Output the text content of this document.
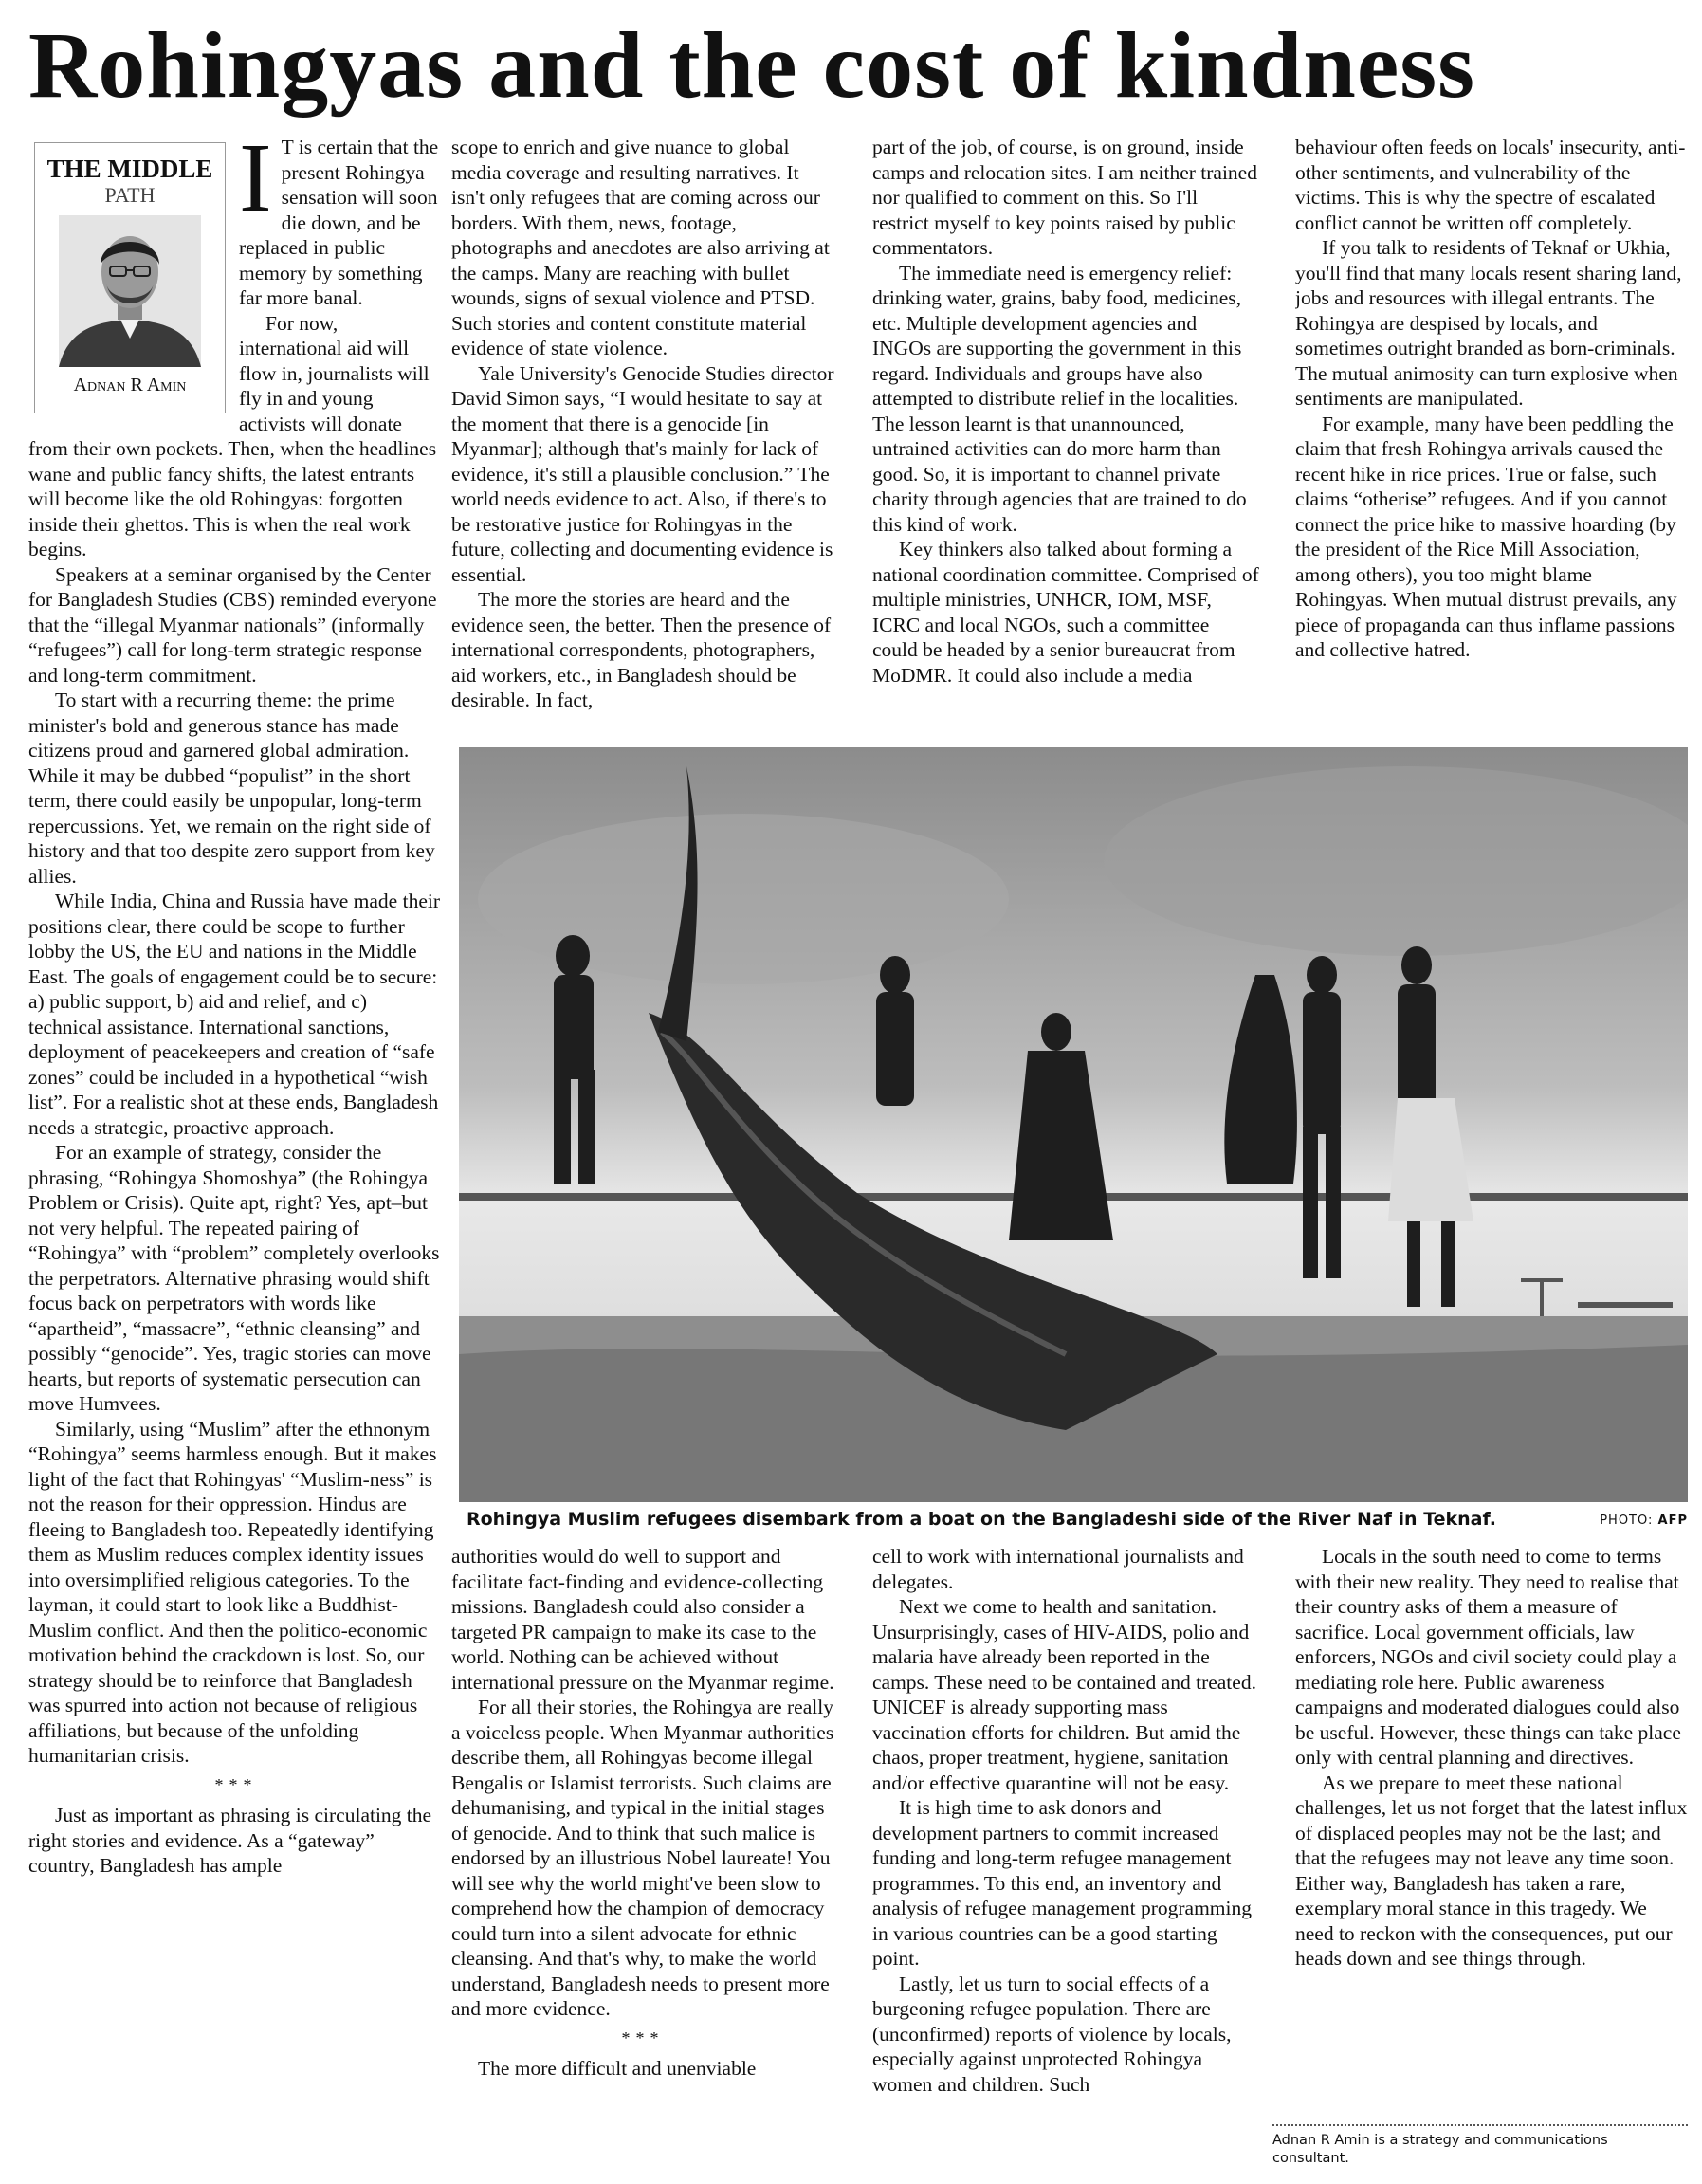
Rohingyas and the cost of kindness
THE MIDDLE
PATH
Adnan R Amin
I T is certain that the present Rohingya sensation will soon die down, and be replaced in public memory by something far more banal.

For now, international aid will flow in, journalists will fly in and young activists will donate from their own pockets. Then, when the headlines wane and public fancy shifts, the latest entrants will become like the old Rohingyas: forgotten inside their ghettos. This is when the real work begins.

Speakers at a seminar organised by the Center for Bangladesh Studies (CBS) reminded everyone that the “illegal Myanmar nationals” (informally “refugees”) call for long-term strategic response and long-term commitment.

To start with a recurring theme: the prime minister's bold and generous stance has made citizens proud and garnered global admiration. While it may be dubbed “populist” in the short term, there could easily be unpopular, long-term repercussions. Yet, we remain on the right side of history and that too despite zero support from key allies.

While India, China and Russia have made their positions clear, there could be scope to further lobby the US, the EU and nations in the Middle East. The goals of engagement could be to secure: a) public support, b) aid and relief, and c) technical assistance. International sanctions, deployment of peacekeepers and creation of “safe zones” could be included in a hypothetical “wish list”. For a realistic shot at these ends, Bangladesh needs a strategic, proactive approach.

For an example of strategy, consider the phrasing, “Rohingya Shomoshya” (the Rohingya Problem or Crisis). Quite apt, right? Yes, apt–but not very helpful. The repeated pairing of “Rohingya” with “problem” completely overlooks the perpetrators. Alternative phrasing would shift focus back on perpetrators with words like “apartheid”, “massacre”, “ethnic cleansing” and possibly “genocide”. Yes, tragic stories can move hearts, but reports of systematic persecution can move Humvees.

Similarly, using “Muslim” after the ethnonym “Rohingya” seems harmless enough. But it makes light of the fact that Rohingyas' “Muslim-ness” is not the reason for their oppression. Hindus are fleeing to Bangladesh too. Repeatedly identifying them as Muslim reduces complex identity issues into oversimplified religious categories. To the layman, it could start to look like a Buddhist-Muslim conflict. And then the politico-economic motivation behind the crackdown is lost. So, our strategy should be to reinforce that Bangladesh was spurred into action not because of religious affiliations, but because of the unfolding humanitarian crisis.

***

Just as important as phrasing is circulating the right stories and evidence. As a “gateway” country, Bangladesh has ample

scope to enrich and give nuance to global media coverage and resulting narratives. It isn't only refugees that are coming across our borders. With them, news, footage, photographs and anecdotes are also arriving at the camps. Many are reaching with bullet wounds, signs of sexual violence and PTSD. Such stories and content constitute material evidence of state violence.

Yale University's Genocide Studies director David Simon says, “I would hesitate to say at the moment that there is a genocide [in Myanmar]; although that's mainly for lack of evidence, it's still a plausible conclusion.” The world needs evidence to act. Also, if there's to be restorative justice for Rohingyas in the future, collecting and documenting evidence is essential.

The more the stories are heard and the evidence seen, the better. Then the presence of international correspondents, photographers, aid workers, etc., in Bangladesh should be desirable. In fact,

part of the job, of course, is on ground, inside camps and relocation sites. I am neither trained nor qualified to comment on this. So I'll restrict myself to key points raised by public commentators.

The immediate need is emergency relief: drinking water, grains, baby food, medicines, etc. Multiple development agencies and INGOs are supporting the government in this regard. Individuals and groups have also attempted to distribute relief in the localities. The lesson learnt is that unannounced, untrained activities can do more harm than good. So, it is important to channel private charity through agencies that are trained to do this kind of work.

Key thinkers also talked about forming a national coordination committee. Comprised of multiple ministries, UNHCR, IOM, MSF, ICRC and local NGOs, such a committee could be headed by a senior bureaucrat from MoDMR. It could also include a media

behaviour often feeds on locals' insecurity, anti-other sentiments, and vulnerability of the victims. This is why the spectre of escalated conflict cannot be written off completely.

If you talk to residents of Teknaf or Ukhia, you'll find that many locals resent sharing land, jobs and resources with illegal entrants. The Rohingya are despised by locals, and sometimes outright branded as born-criminals. The mutual animosity can turn explosive when sentiments are manipulated.

For example, many have been peddling the claim that fresh Rohingya arrivals caused the recent hike in rice prices. True or false, such claims “otherise” refugees. And if you cannot connect the price hike to massive hoarding (by the president of the Rice Mill Association, among others), you too might blame Rohingyas. When mutual distrust prevails, any piece of propaganda can thus inflame passions and collective hatred.

Rohingya Muslim refugees disembark from a boat on the Bangladeshi side of the River Naf in Teknaf.	PHOTO: AFP

authorities would do well to support and facilitate fact-finding and evidence-collecting missions. Bangladesh could also consider a targeted PR campaign to make its case to the world. Nothing can be achieved without international pressure on the Myanmar regime.

For all their stories, the Rohingya are really a voiceless people. When Myanmar authorities describe them, all Rohingyas become illegal Bengalis or Islamist terrorists. Such claims are dehumanising, and typical in the initial stages of genocide. And to think that such malice is endorsed by an illustrious Nobel laureate! You will see why the world might've been slow to comprehend how the champion of democracy could turn into a silent advocate for ethnic cleansing. And that's why, to make the world understand, Bangladesh needs to present more and more evidence.

***

The more difficult and unenviable

cell to work with international journalists and delegates.

Next we come to health and sanitation. Unsurprisingly, cases of HIV-AIDS, polio and malaria have already been reported in the camps. These need to be contained and treated. UNICEF is already supporting mass vaccination efforts for children. But amid the chaos, proper treatment, hygiene, sanitation and/or effective quarantine will not be easy.

It is high time to ask donors and development partners to commit increased funding and long-term refugee management programmes. To this end, an inventory and analysis of refugee management programming in various countries can be a good starting point.

Lastly, let us turn to social effects of a burgeoning refugee population. There are (unconfirmed) reports of violence by locals, especially against unprotected Rohingya women and children. Such

Locals in the south need to come to terms with their new reality. They need to realise that their country asks of them a measure of sacrifice. Local government officials, law enforcers, NGOs and civil society could play a mediating role here. Public awareness campaigns and moderated dialogues could also be useful. However, these things can take place only with central planning and directives.

As we prepare to meet these national challenges, let us not forget that the latest influx of displaced peoples may not be the last; and that the refugees may not leave any time soon. Either way, Bangladesh has taken a rare, exemplary moral stance in this tragedy. We need to reckon with the consequences, put our heads down and see things through.

Adnan R Amin is a strategy and communications consultant.
